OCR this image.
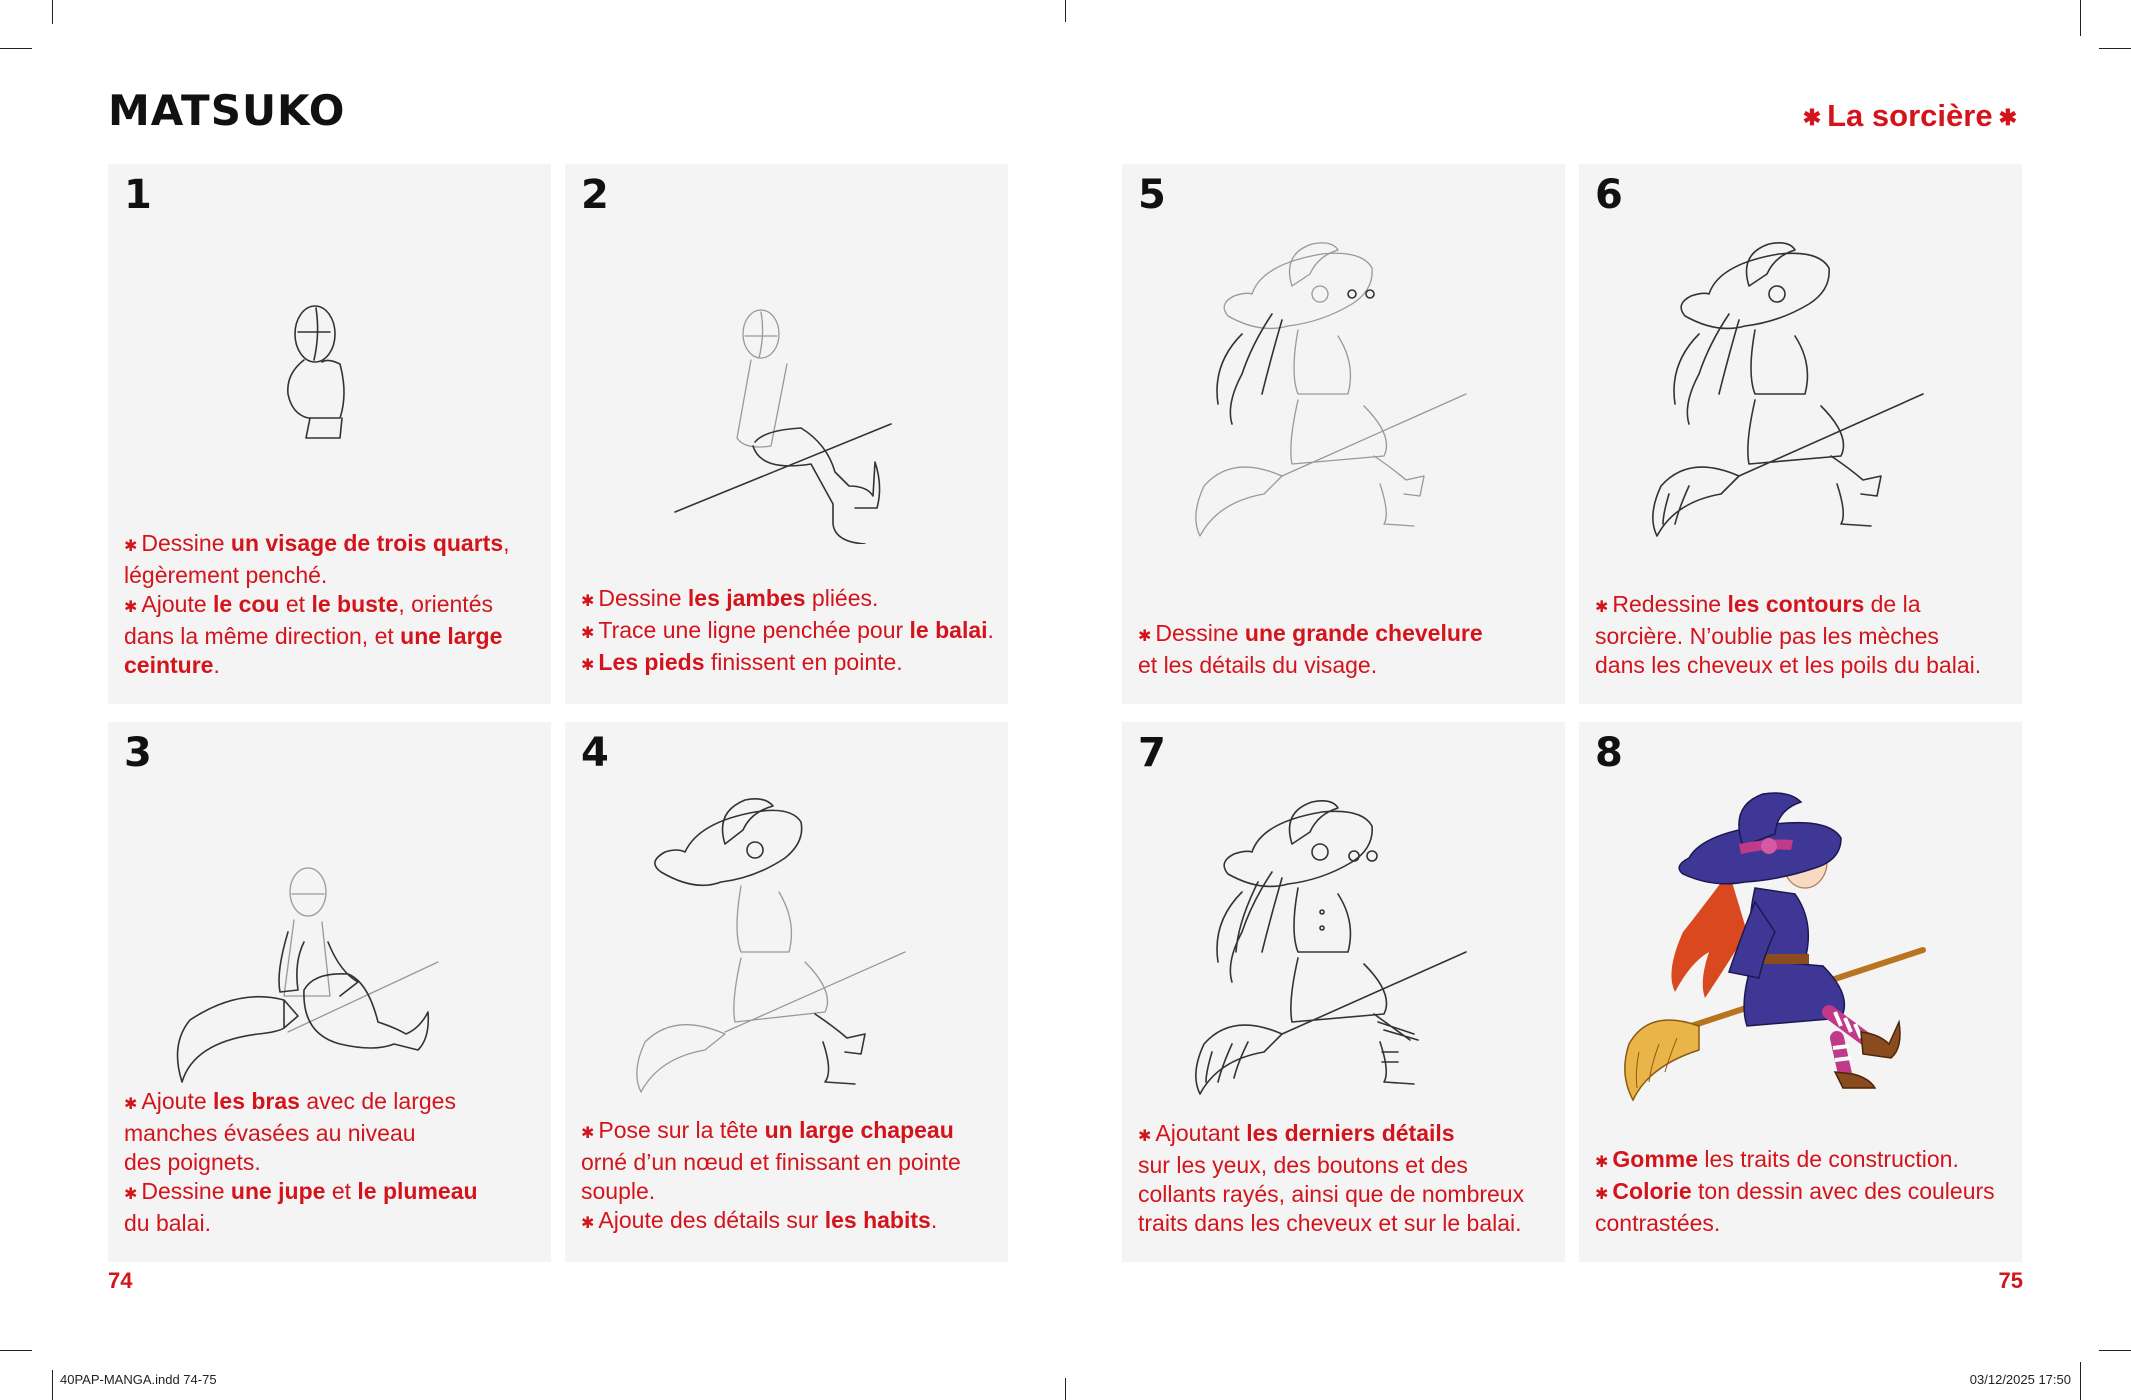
MATSUKO	✱ La sorcière ✱
1

✱ Dessine un visage de trois quarts,

légèrement penché.

✱ Ajoute le cou et le buste, orientés

dans la même direction, et une large

ceinture.

2

✱ Dessine les jambes pliées.

✱ Trace une ligne penchée pour le balai.

✱ Les pieds finissent en pointe.

3

✱ Ajoute les bras avec de larges

manches évasées au niveau

des poignets.

✱ Dessine une jupe et le plumeau

du balai.

4

✱ Pose sur la tête un large chapeau

orné d’un nœud et finissant en pointe

souple.

✱ Ajoute des détails sur les habits.

5

✱ Dessine une grande chevelure

et les détails du visage.

6

✱ Redessine les contours de la

sorcière. N’oublie pas les mèches

dans les cheveux et les poils du balai.

7

✱ Ajoutant les derniers détails

sur les yeux, des boutons et des

collants rayés, ainsi que de nombreux

traits dans les cheveux et sur le balai.

8

✱ Gomme les traits de construction.

✱ Colorie ton dessin avec des couleurs

contrastées.

74	75
40PAP-MANGA.indd 74-75	03/12/2025 17:50
